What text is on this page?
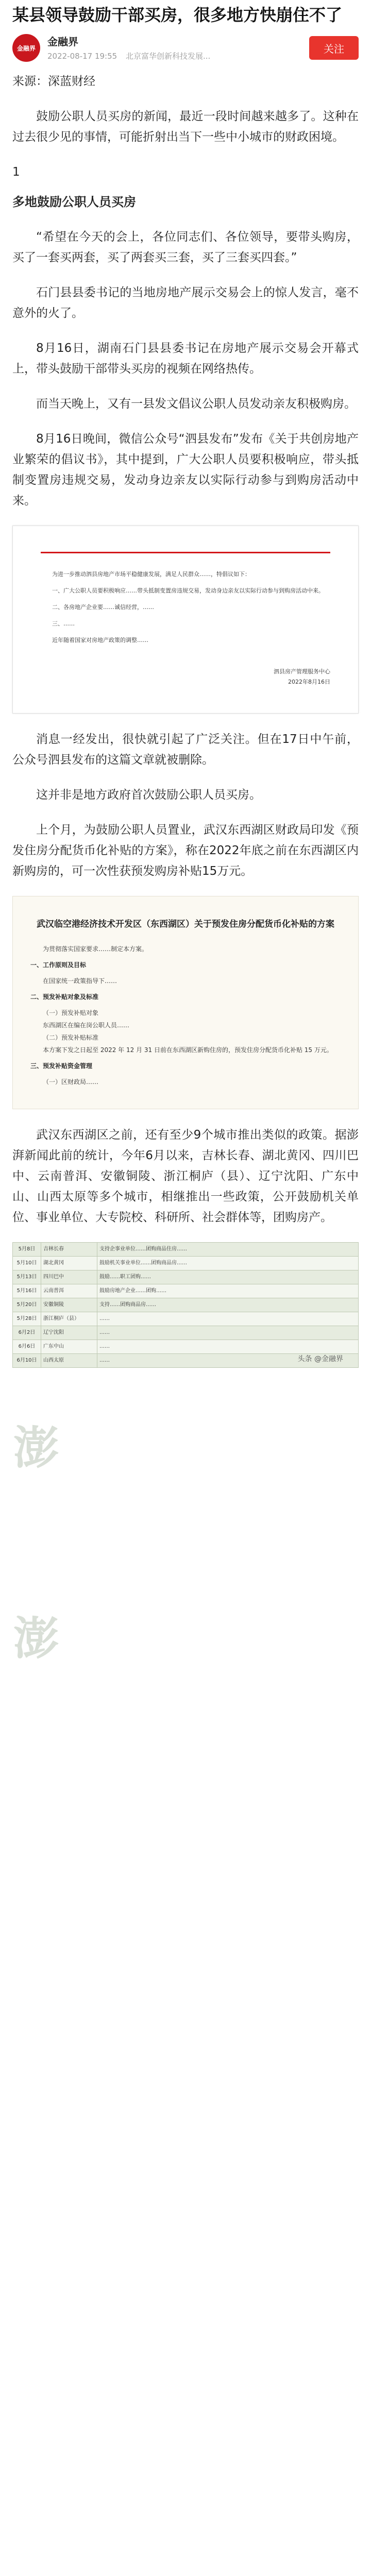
某县领导鼓励干部买房，很多地方快崩住不了
金融界
金融界
2022-08-17 19:55 北京富华创新科技发展...
关注

来源：深蓝财经

鼓励公职人员买房的新闻，最近一段时间越来越多了。这种在过去很少见的事情，可能折射出当下一些中小城市的财政困境。

1

多地鼓励公职人员买房

“希望在今天的会上，各位同志们、各位领导，要带头购房，买了一套买两套，买了两套买三套，买了三套买四套。”

石门县县委书记的当地房地产展示交易会上的惊人发言，毫不意外的火了。

8月16日，湖南石门县县委书记在房地产展示交易会开幕式上，带头鼓励干部带头买房的视频在网络热传。

而当天晚上，又有一县发文倡议公职人员发动亲友积极购房。

8月16日晚间，微信公众号“泗县发布”发布《关于共创房地产业繁荣的倡议书》，其中提到，广大公职人员要积极响应，带头抵制变置房违规交易，发动身边亲友以实际行动参与到购房活动中来。

为进一步推动泗县房地产市场平稳健康发展，满足人民群众……，特倡议如下：

一、广大公职人员要积极响应……带头抵制变置房违规交易，发动身边亲友以实际行动参与到购房活动中来。

二、各房地产企业要……诚信经营，……

三、……

近年随着国家对房地产政策的调整……

泗县房产管理服务中心
2022年8月16日

消息一经发出，很快就引起了广泛关注。但在17日中午前，公众号泗县发布的这篇文章就被删除。

这并非是地方政府首次鼓励公职人员买房。

上个月，为鼓励公职人员置业，武汉东西湖区财政局印发《预发住房分配货币化补贴的方案》，称在2022年底之前在东西湖区内新购房的，可一次性获预发购房补贴15万元。

武汉临空港经济技术开发区（东西湖区）关于预发住房分配货币化补贴的方案

为贯彻落实国家要求……制定本方案。

一、工作原则及目标

在国家统一政策指导下……

二、预发补贴对象及标准

（一）预发补贴对象

东西湖区在编在岗公职人员……

（二）预发补贴标准

本方案下发之日起至 2022 年 12 月 31 日前在东西湖区新购住房的，预发住房分配货币化补贴 15 万元。

三、预发补贴资金管理

（一）区财政局……

武汉东西湖区之前，还有至少9个城市推出类似的政策。据澎湃新闻此前的统计，今年6月以来，吉林长春、湖北黄冈、四川巴中、云南普洱、安徽铜陵、浙江桐庐（县）、辽宁沈阳、广东中山、山西太原等多个城市，相继推出一些政策，公开鼓励机关单位、事业单位、大专院校、科研所、社会群体等，团购房产。

5月8日	吉林长春	支持企事业单位……团购商品住房……
5月10日	湖北黄冈	鼓励机关事业单位……团购商品房……
5月13日	四川巴中	鼓励……职工团购……
5月16日	云南普洱	鼓励房地产企业……团购……
5月20日	安徽铜陵	支持……团购商品房……
5月28日	浙江桐庐（县）	……
6月2日	辽宁沈阳	……
6月6日	广东中山	……
6月10日	山西太原	……
澎
澎
头条 @金融界
